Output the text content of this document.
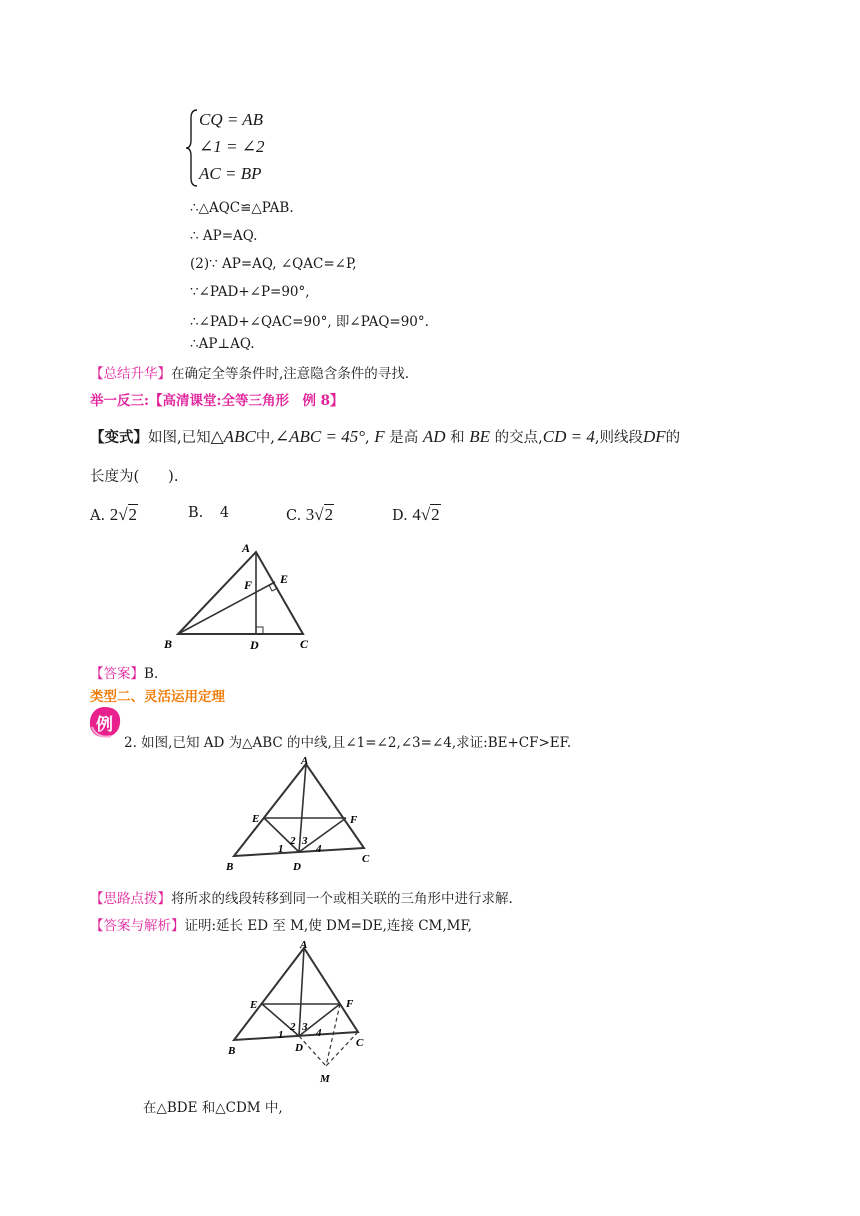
CQ = AB
∠1 = ∠2
AC = BP
∴△AQC≌△PAB.
∴ AP=AQ.
(2)∵ AP=AQ, ∠QAC=∠P,
∵∠PAD+∠P=90°,
∴∠PAD+∠QAC=90°, 即∠PAQ=90°.
∴AP⊥AQ.
【总结升华】在确定全等条件时,注意隐含条件的寻找.
举一反三:【高清课堂:全等三角形　例 8】
【变式】如图,已知△ABC中,∠ABC = 45°, F 是高 AD 和 BE 的交点,CD = 4,则线段DF的
长度为(　　).
A. 2√2	B. 4	C. 3√2	D. 4√2
A
B	C
D
E
F
【答案】B.
类型二、灵活运用定理
例
2. 如图,已知 AD 为△ABC 的中线,且∠1=∠2,∠3=∠4,求证:BE+CF>EF.
A
B
C
D
E	F
1
2 3
4
【思路点拨】将所求的线段转移到同一个或相关联的三角形中进行求解.
【答案与解析】证明:延长 ED 至 M,使 DM=DE,连接 CM,MF,
A
B
C
D
E	F
M
1
2 3 4
在△BDE 和△CDM 中,
